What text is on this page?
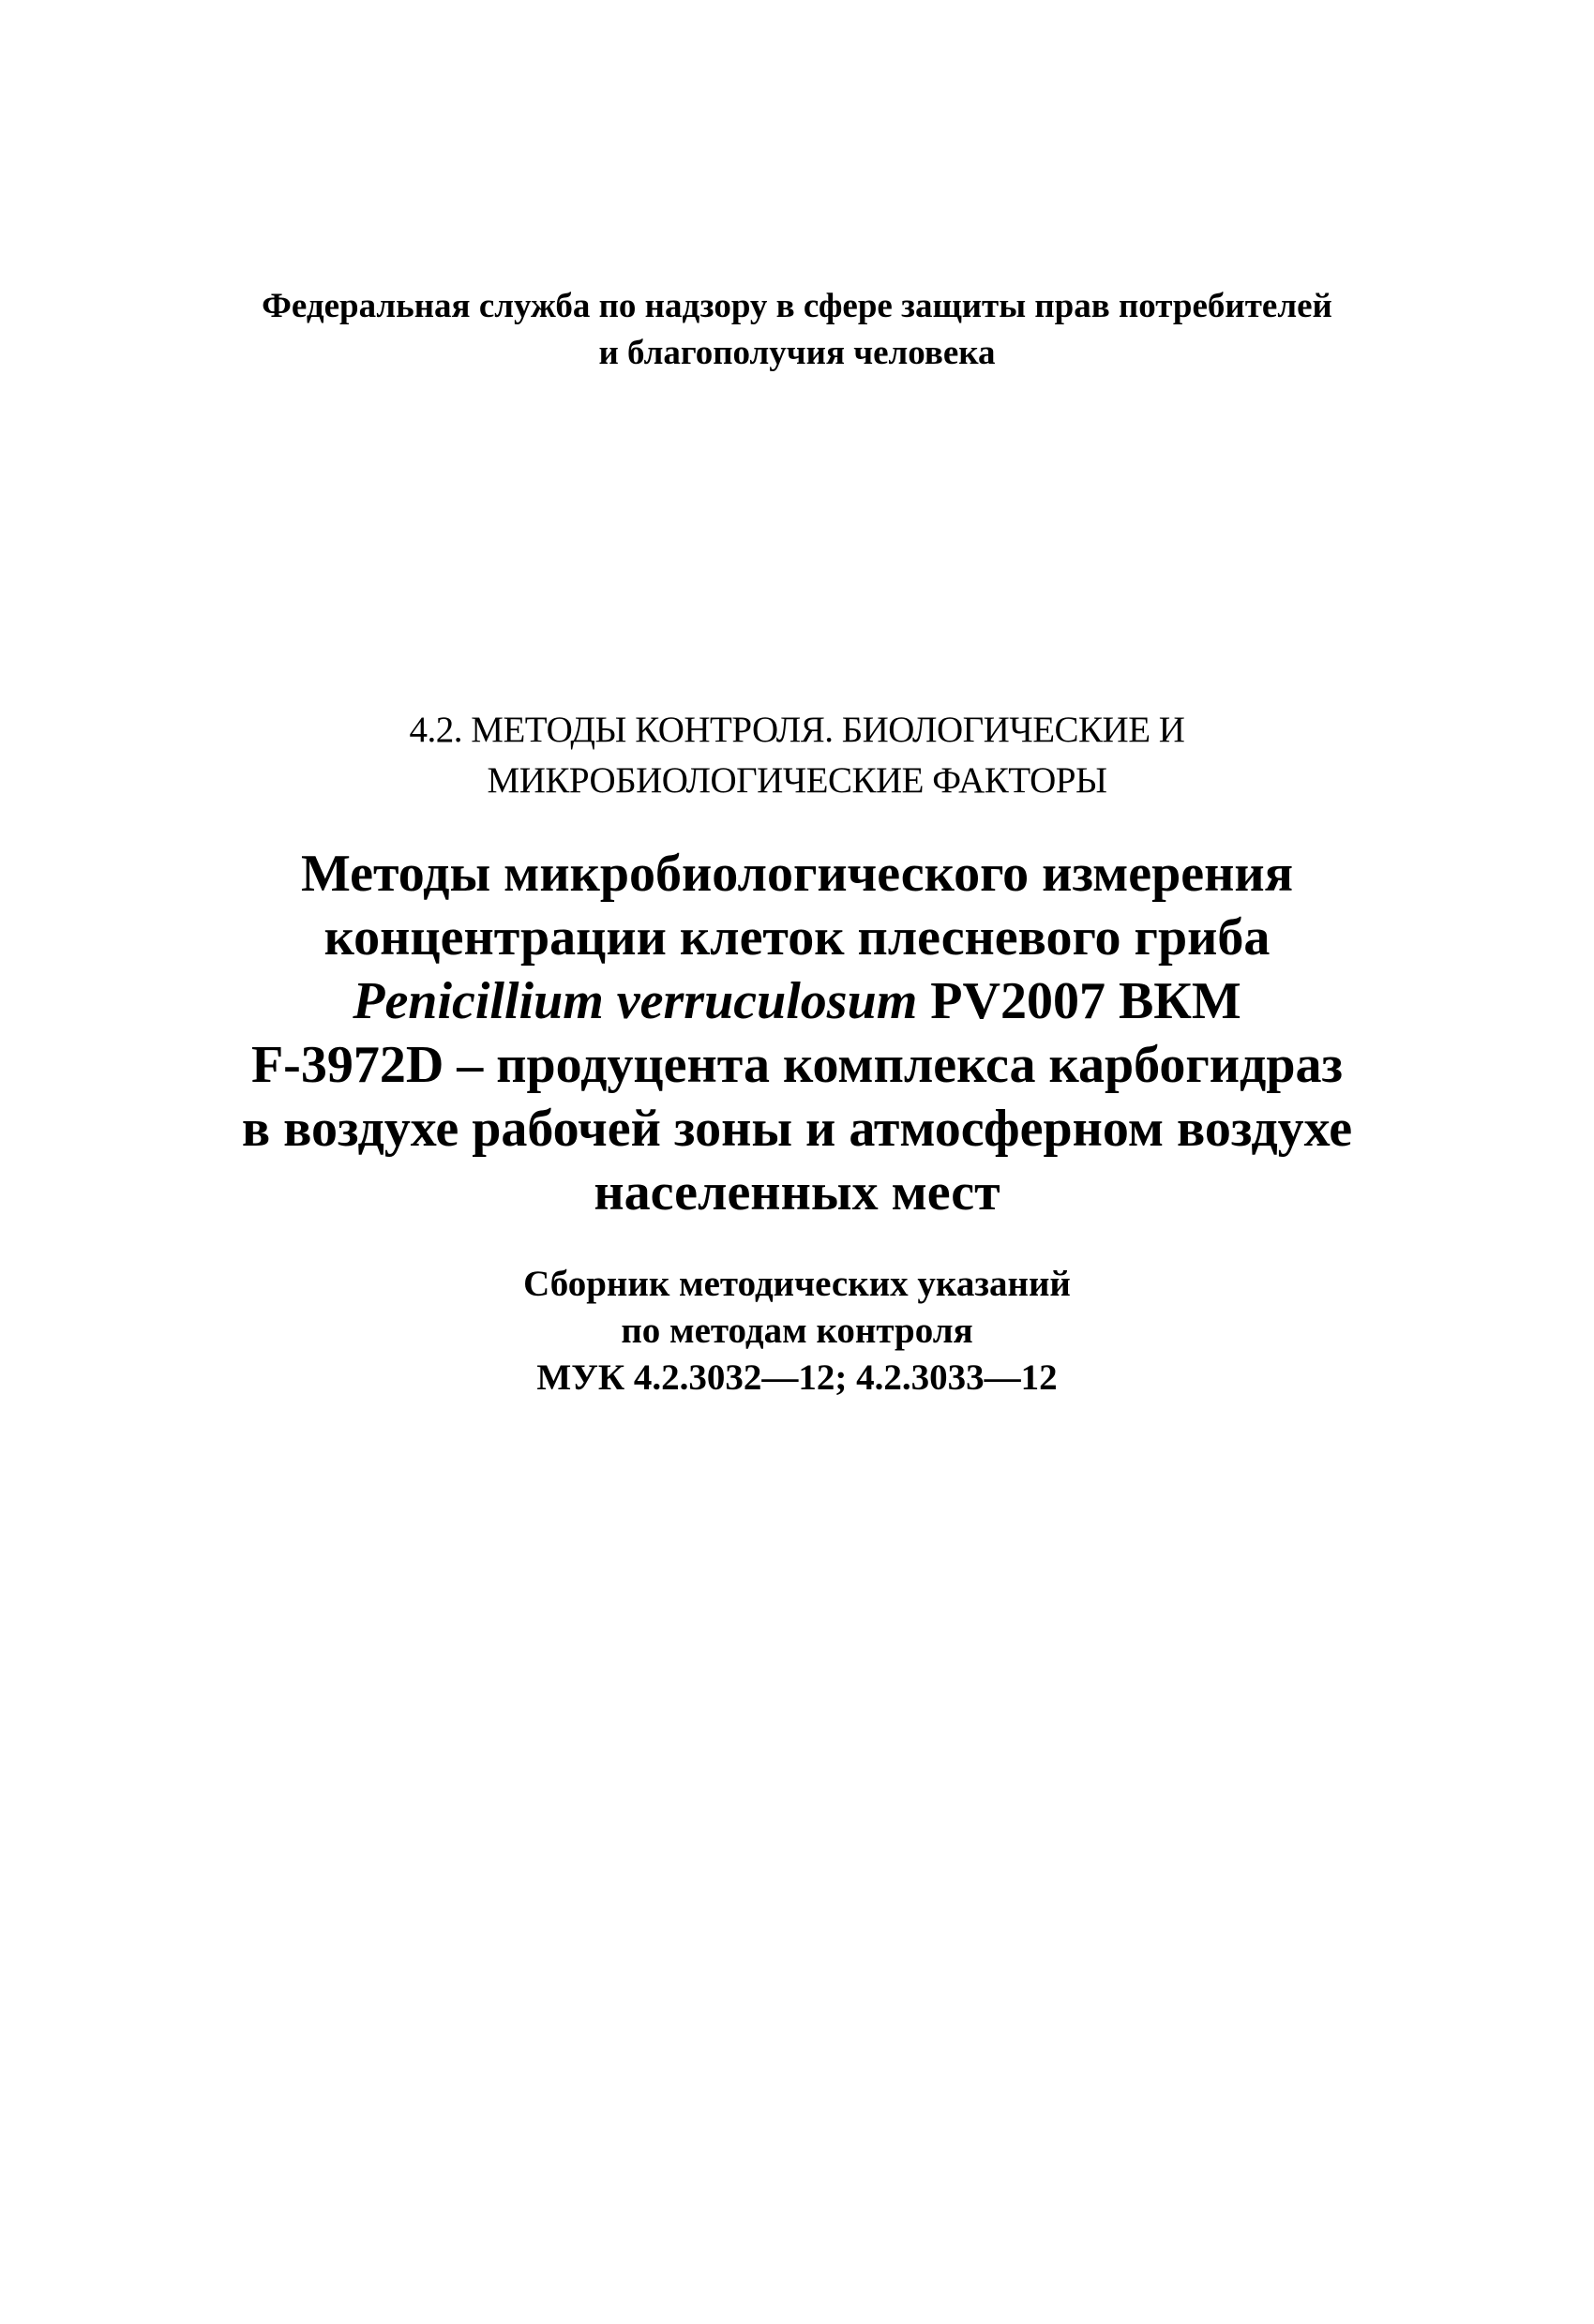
Федеральная служба по надзору в сфере защиты прав потребителей
и благополучия человека
4.2. МЕТОДЫ КОНТРОЛЯ. БИОЛОГИЧЕСКИЕ И
МИКРОБИОЛОГИЧЕСКИЕ ФАКТОРЫ
Методы микробиологического измерения
концентрации клеток плесневого гриба
Penicillium verruculosum PV2007 ВКМ
F-3972D – продуцента комплекса карбогидраз
в воздухе рабочей зоны и атмосферном воздухе
населенных мест
Сборник методических указаний
по методам контроля
МУК 4.2.3032—12; 4.2.3033—12
